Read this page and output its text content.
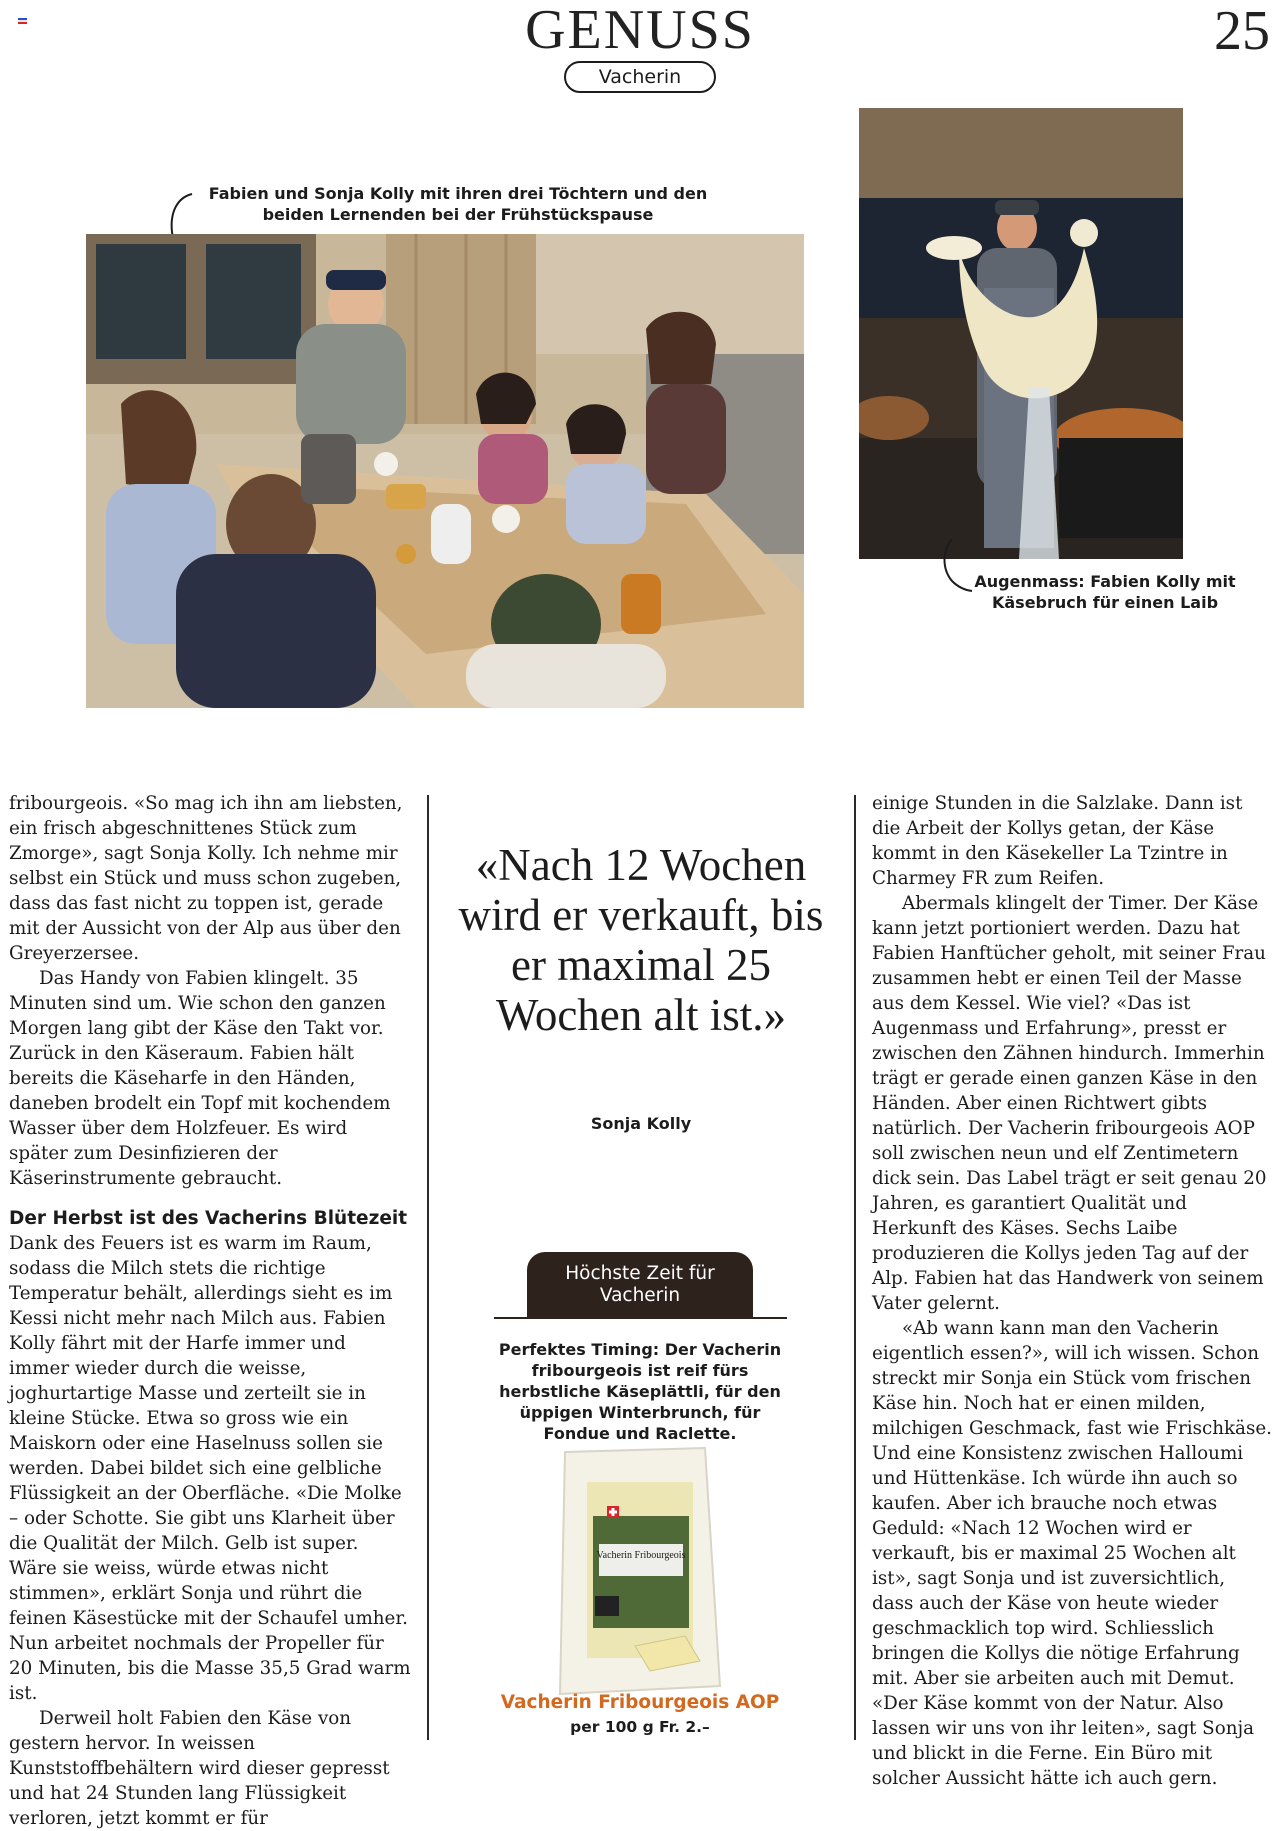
GENUSS
Vacherin
25
Fabien und Sonja Kolly mit ihren drei Töchtern und den beiden Lernenden bei der Frühstückspause
Augenmass: Fabien Kolly mit Käsebruch für einen Laib

fribourgeois. «So mag ich ihn am liebsten, ein frisch abgeschnittenes Stück zum Zmorge», sagt Sonja Kolly. Ich nehme mir selbst ein Stück und muss schon zugeben, dass das fast nicht zu toppen ist, gerade mit der Aussicht von der Alp aus über den Greyerzersee.

Das Handy von Fabien klingelt. 35 Minuten sind um. Wie schon den ganzen Morgen lang gibt der Käse den Takt vor. Zurück in den Käseraum. Fabien hält bereits die Käseharfe in den Händen, daneben brodelt ein Topf mit kochendem Wasser über dem Holzfeuer. Es wird später zum Desinfizieren der Käserinstrumente gebraucht.

Der Herbst ist des Vacherins Blütezeit

Dank des Feuers ist es warm im Raum, sodass die Milch stets die richtige Temperatur behält, allerdings sieht es im Kessi nicht mehr nach Milch aus. Fabien Kolly fährt mit der Harfe immer und immer wieder durch die weisse, joghurtartige Masse und zerteilt sie in kleine Stücke. Etwa so gross wie ein Maiskorn oder eine Haselnuss sollen sie werden. Dabei bildet sich eine gelbliche Flüssigkeit an der Oberfläche. «Die Molke – oder Schotte. Sie gibt uns Klarheit über die Qualität der Milch. Gelb ist super. Wäre sie weiss, würde etwas nicht stimmen», erklärt Sonja und rührt die feinen Käsestücke mit der Schaufel umher. Nun arbeitet nochmals der Propeller für 20 Minuten, bis die Masse 35,5 Grad warm ist.

Derweil holt Fabien den Käse von gestern hervor. In weissen Kunststoffbehältern wird dieser gepresst und hat 24 Stunden lang Flüssigkeit verloren, jetzt kommt er für

«Nach 12 Wochen wird er verkauft, bis er maximal 25 Wochen alt ist.»
Sonja Kolly
Höchste Zeit für Vacherin
Perfektes Timing: Der Vacherin fribourgeois ist reif fürs herbstliche Käseplättli, für den üppigen Winterbrunch, für Fondue und Raclette.
Vacherin Fribourgeois
Vacherin Fribourgeois AOP
per 100 g Fr. 2.–

einige Stunden in die Salzlake. Dann ist die Arbeit der Kollys getan, der Käse kommt in den Käsekeller La Tzintre in Charmey FR zum Reifen.

Abermals klingelt der Timer. Der Käse kann jetzt portioniert werden. Dazu hat Fabien Hanftücher geholt, mit seiner Frau zusammen hebt er einen Teil der Masse aus dem Kessel. Wie viel? «Das ist Augenmass und Erfahrung», presst er zwischen den Zähnen hindurch. Immerhin trägt er gerade einen ganzen Käse in den Händen. Aber einen Richtwert gibts natürlich. Der Vacherin fribourgeois AOP soll zwischen neun und elf Zentimetern dick sein. Das Label trägt er seit genau 20 Jahren, es garantiert Qualität und Herkunft des Käses. Sechs Laibe produzieren die Kollys jeden Tag auf der Alp. Fabien hat das Handwerk von seinem Vater gelernt.

«Ab wann kann man den Vacherin eigentlich essen?», will ich wissen. Schon streckt mir Sonja ein Stück vom frischen Käse hin. Noch hat er einen milden, milchigen Geschmack, fast wie Frischkäse. Und eine Konsistenz zwischen Halloumi und Hüttenkäse. Ich würde ihn auch so kaufen. Aber ich brauche noch etwas Geduld: «Nach 12 Wochen wird er verkauft, bis er maximal 25 Wochen alt ist», sagt Sonja und ist zuversichtlich, dass auch der Käse von heute wieder geschmacklich top wird. Schliesslich bringen die Kollys die nötige Erfahrung mit. Aber sie arbeiten auch mit Demut. «Der Käse kommt von der Natur. Also lassen wir uns von ihr leiten», sagt Sonja und blickt in die Ferne. Ein Büro mit solcher Aussicht hätte ich auch gern.
